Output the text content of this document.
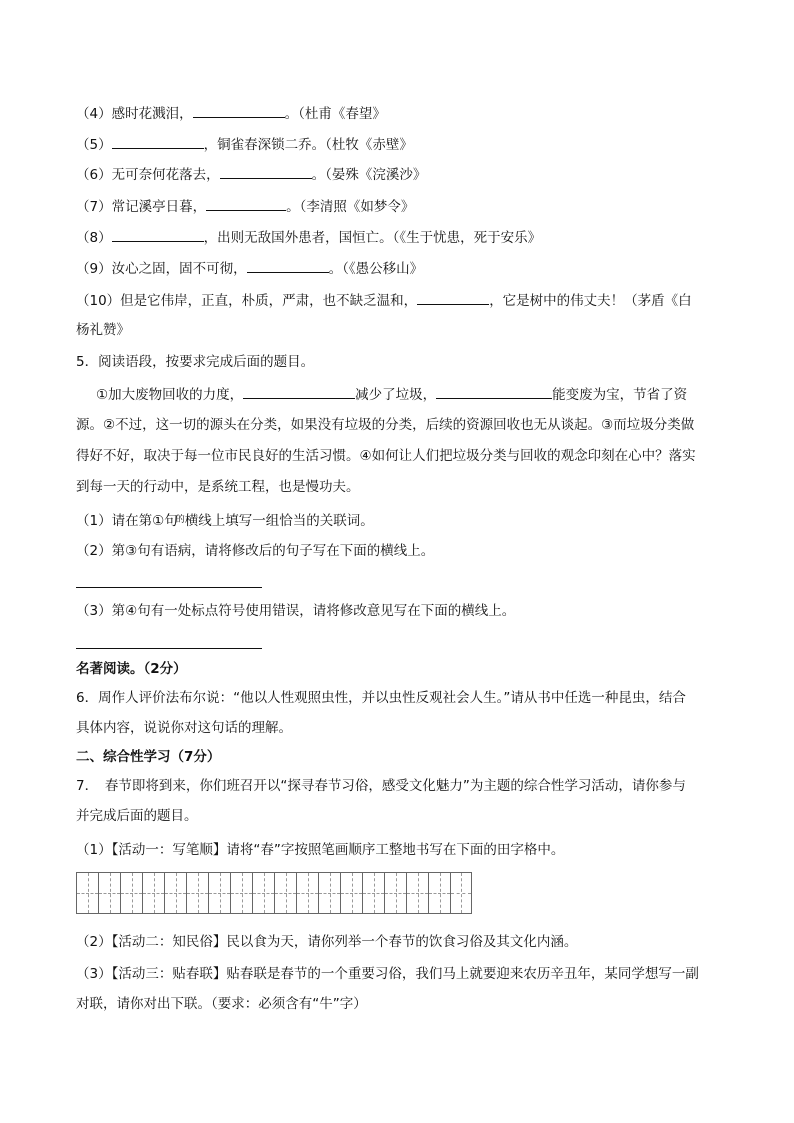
（4）感时花溅泪，	。（杜甫《春望》
（5）	，铜雀春深锁二乔。（杜牧《赤壁》
（6）无可奈何花落去，	。（晏殊《浣溪沙》
（7）常记溪亭日暮，	。（李清照《如梦令》
（8）	，出则无敌国外患者，国恒亡。（《生于忧患，死于安乐》
（9）汝心之固，固不可彻，	。（《愚公移山》
（10）但是它伟岸，正直，朴质，严肃，也不缺乏温和，	，它是树中的伟丈夫！（茅盾《白
杨礼赞》
5．阅读语段，按要求完成后面的题目。
①加大废物回收的力度，	减少了垃圾，	能变废为宝，节省了资
源。②不过，这一切的源头在分类，如果没有垃圾的分类，后续的资源回收也无从谈起。③而垃圾分类做
得好不好，取决于每一位市民良好的生活习惯。④如何让人们把垃圾分类与回收的观念印刻在心中？落实
到每一天的行动中，是系统工程，也是慢功夫。
（1）请在第①句$^的$横线上填写一组恰当的关联词。
（2）第③句有语病，请将修改后的句子写在下面的横线上。
（3）第④句有一处标点符号使用错误，请将修改意见写在下面的横线上。
名著阅读。（2分）
6．周作人评价法布尔说：“他以人性观照虫性，并以虫性反观社会人生。”请从书中任选一种昆虫，结合
具体内容，说说你对这句话的理解。
二、综合性学习（7分）
7．　春节即将到来，你们班召开以“探寻春节习俗，感受文化魅力”为主题的综合性学习活动，请你参与
并完成后面的题目。
（1）【活动一：写笔顺】请将“春”字按照笔画顺序工整地书写在下面的田字格中。
（2）【活动二：知民俗】民以食为天，请你列举一个春节的饮食习俗及其文化内涵。
（3）【活动三：贴春联】贴春联是春节的一个重要习俗，我们马上就要迎来农历辛丑年，某同学想写一副
对联，请你对出下联。（要求：必须含有“牛”字）
